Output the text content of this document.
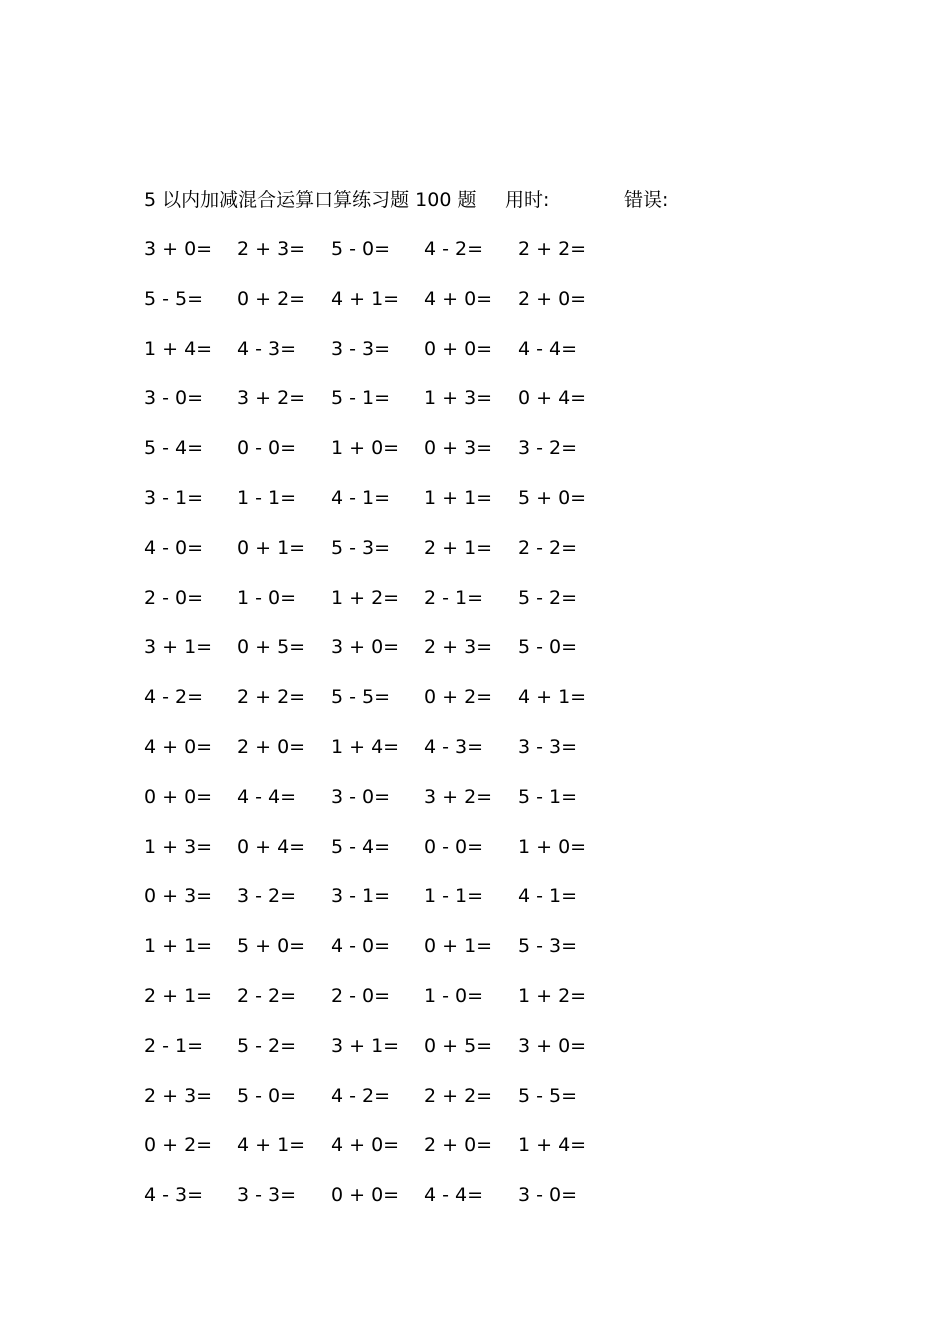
5 以内加减混合运算口算练习题 100 题 用时:	错误:
3 + 0= 2 + 3= 5 - 0= 4 - 2= 2 + 2=
5 - 5= 0 + 2= 4 + 1= 4 + 0= 2 + 0=
1 + 4= 4 - 3= 3 - 3= 0 + 0= 4 - 4=
3 - 0= 3 + 2= 5 - 1= 1 + 3= 0 + 4=
5 - 4= 0 - 0= 1 + 0= 0 + 3= 3 - 2=
3 - 1= 1 - 1= 4 - 1= 1 + 1= 5 + 0=
4 - 0= 0 + 1= 5 - 3= 2 + 1= 2 - 2=
2 - 0= 1 - 0= 1 + 2= 2 - 1= 5 - 2=
3 + 1= 0 + 5= 3 + 0= 2 + 3= 5 - 0=
4 - 2= 2 + 2= 5 - 5= 0 + 2= 4 + 1=
4 + 0= 2 + 0= 1 + 4= 4 - 3= 3 - 3=
0 + 0= 4 - 4= 3 - 0= 3 + 2= 5 - 1=
1 + 3= 0 + 4= 5 - 4= 0 - 0= 1 + 0=
0 + 3= 3 - 2= 3 - 1= 1 - 1= 4 - 1=
1 + 1= 5 + 0= 4 - 0= 0 + 1= 5 - 3=
2 + 1= 2 - 2= 2 - 0= 1 - 0= 1 + 2=
2 - 1= 5 - 2= 3 + 1= 0 + 5= 3 + 0=
2 + 3= 5 - 0= 4 - 2= 2 + 2= 5 - 5=
0 + 2= 4 + 1= 4 + 0= 2 + 0= 1 + 4=
4 - 3= 3 - 3= 0 + 0= 4 - 4= 3 - 0=
